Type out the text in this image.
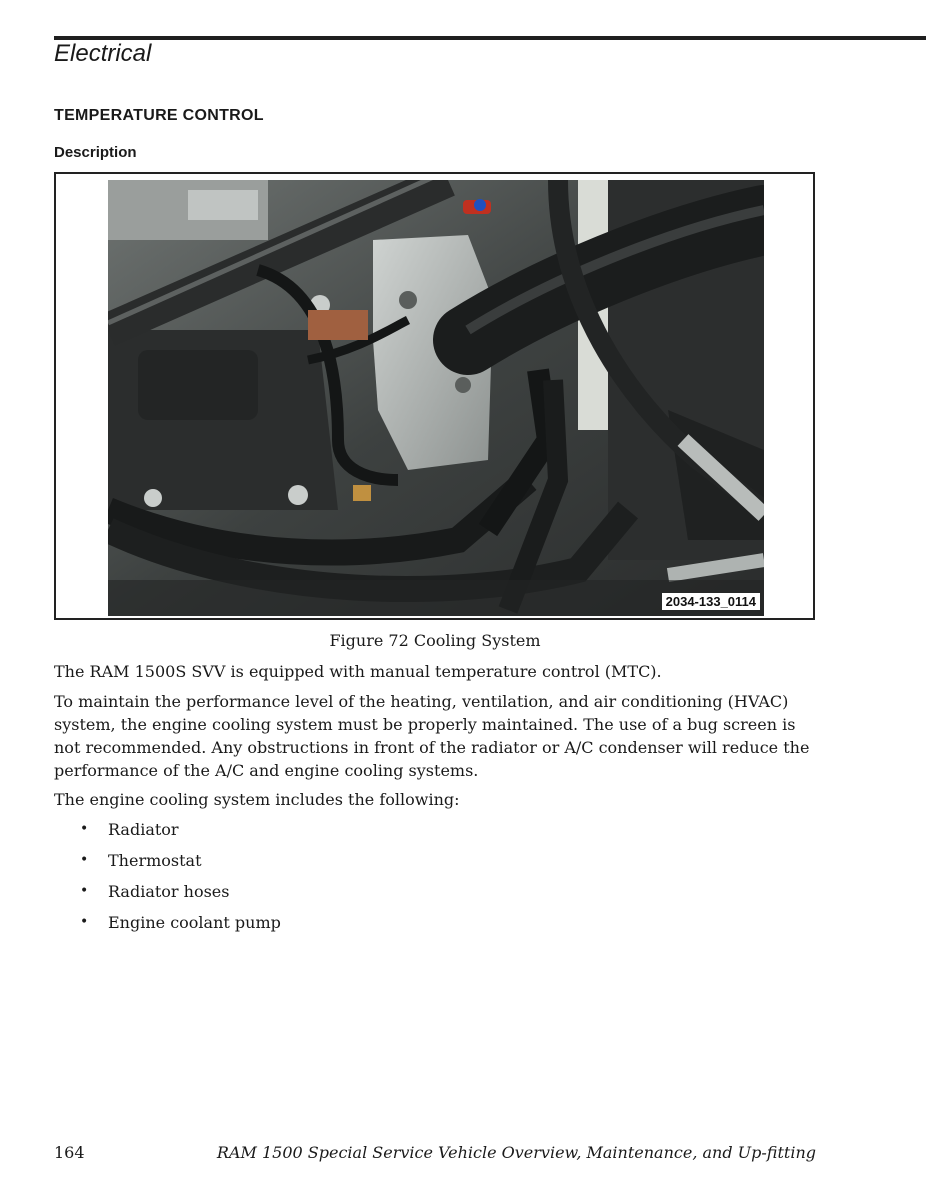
Electrical
TEMPERATURE CONTROL
Description
2034-133_0114
Figure 72 Cooling System
The RAM 1500S SVV is equipped with manual temperature control (MTC).
To maintain the performance level of the heating, ventilation, and air conditioning (HVAC) system, the engine cooling system must be properly maintained. The use of a bug screen is not recommended. Any obstructions in front of the radiator or A/C condenser will reduce the performance of the A/C and engine cooling systems.
The engine cooling system includes the following:
• Radiator
• Thermostat
• Radiator hoses
• Engine coolant pump
164	RAM 1500 Special Service Vehicle Overview, Maintenance, and Up-fitting
